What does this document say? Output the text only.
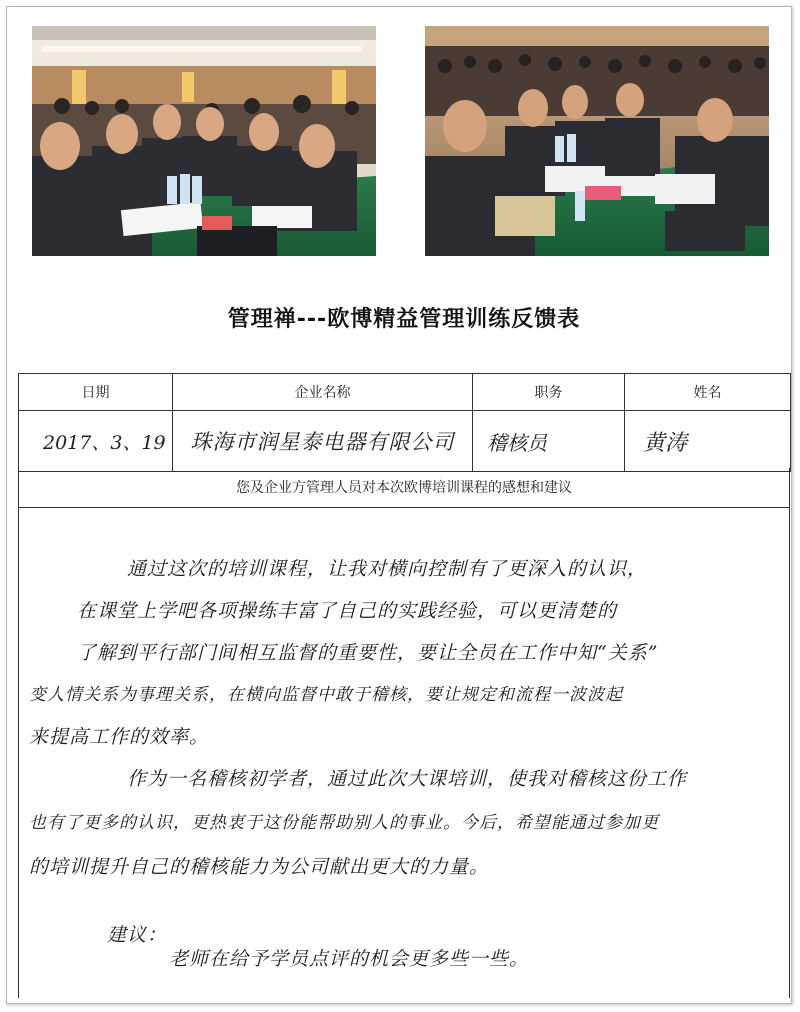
管理禅---欧博精益管理训练反馈表
日期	企业名称	职务	姓名
2017、3、19	珠海市润星泰电器有限公司	稽核员	黄涛
您及企业方管理人员对本次欧博培训课程的感想和建议
通过这次的培训课程，让我对横向控制有了更深入的认识，
在课堂上学吧各项操练丰富了自己的实践经验，可以更清楚的
了解到平行部门间相互监督的重要性，要让全员在工作中知“关系”
变人情关系为事理关系，在横向监督中敢于稽核，要让规定和流程一波波起
来提高工作的效率。
作为一名稽核初学者，通过此次大课培训，使我对稽核这份工作
也有了更多的认识，更热衷于这份能帮助别人的事业。今后，希望能通过参加更
的培训提升自己的稽核能力为公司献出更大的力量。
建议：
老师在给予学员点评的机会更多些一些。
